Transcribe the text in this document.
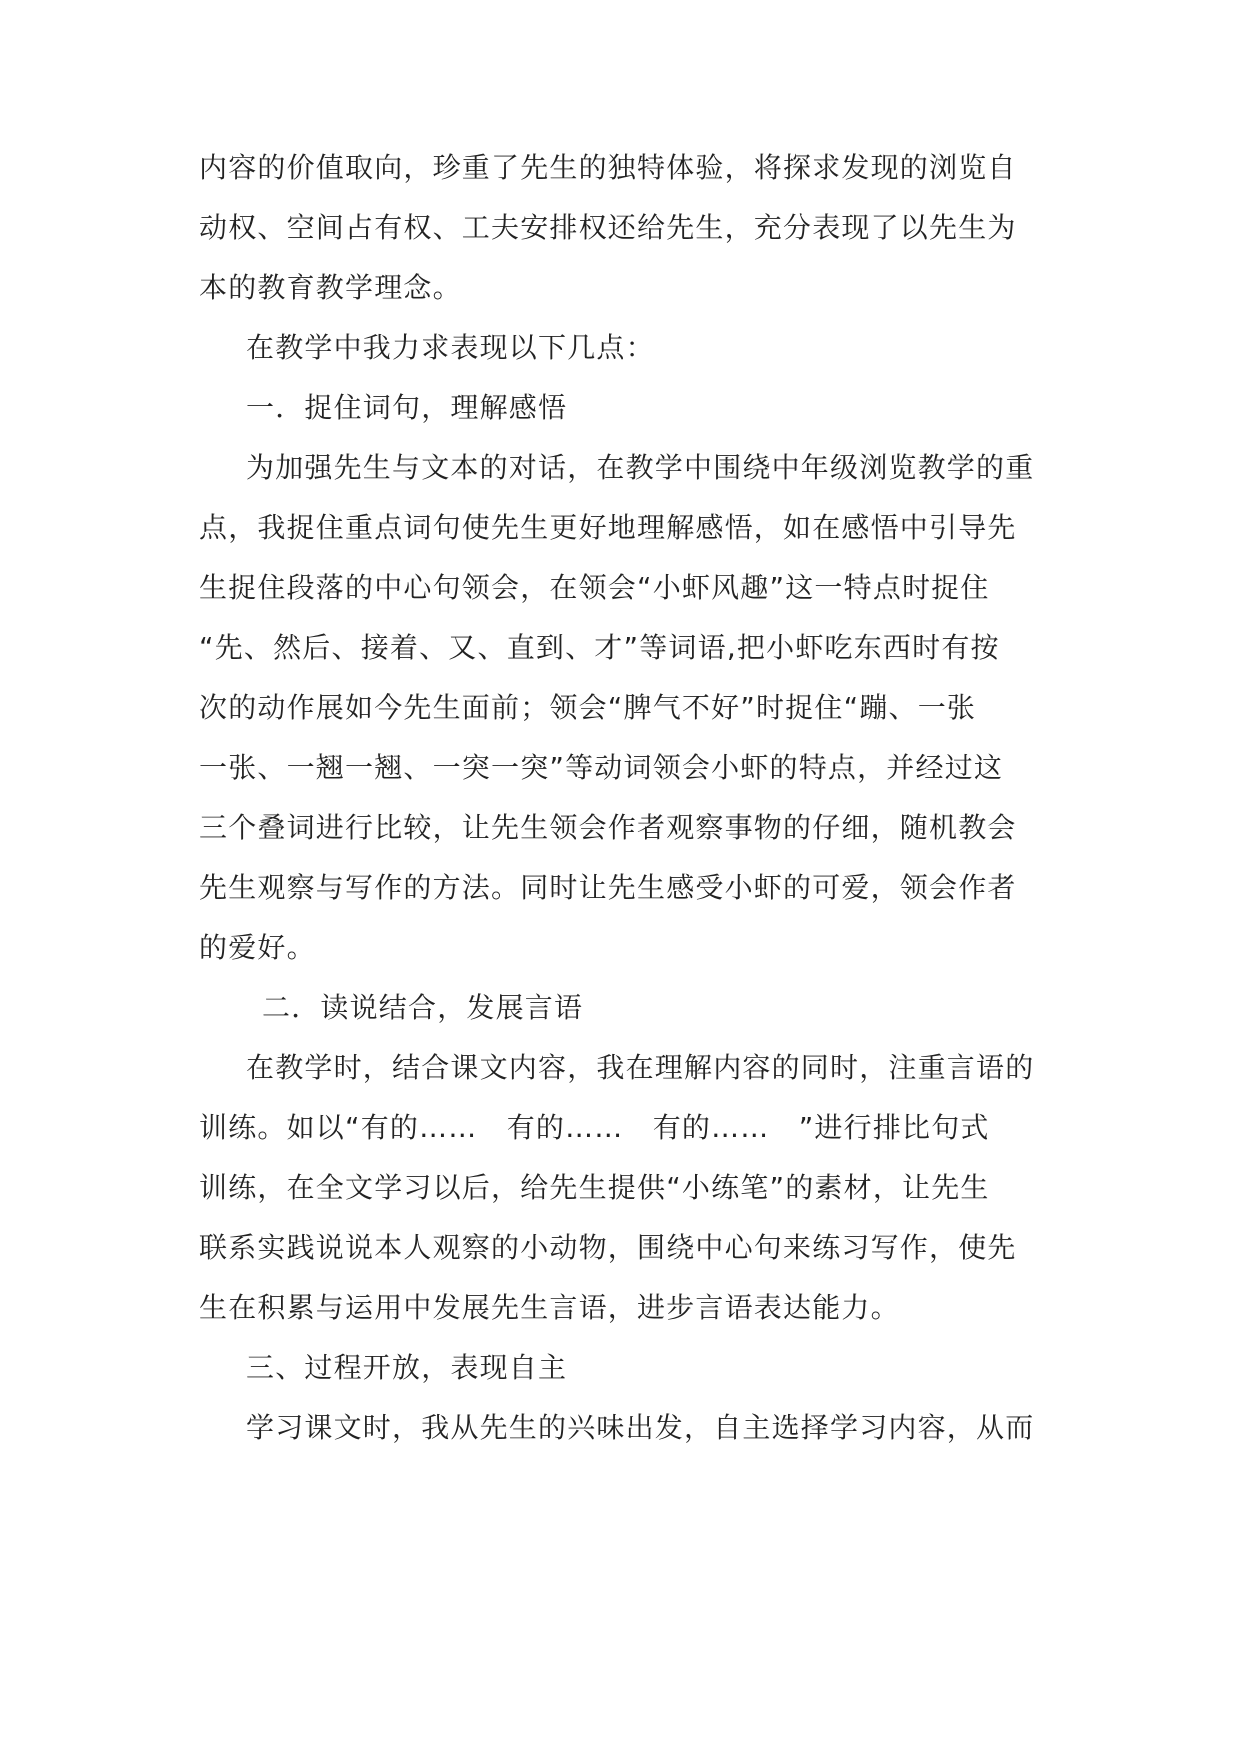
内容的价值取向，珍重了先生的独特体验，将探求发现的浏览自
动权、空间占有权、工夫安排权还给先生，充分表现了以先生为
本的教育教学理念。
在教学中我力求表现以下几点：
一．捉住词句，理解感悟
为加强先生与文本的对话，在教学中围绕中年级浏览教学的重
点，我捉住重点词句使先生更好地理解感悟，如在感悟中引导先
生捉住段落的中心句领会，在领会“小虾风趣”这一特点时捉住
“先、然后、接着、又、直到、才”等词语,把小虾吃东西时有按
次的动作展如今先生面前；领会“脾气不好”时捉住“蹦、一张
一张、一翘一翘、一突一突”等动词领会小虾的特点，并经过这
三个叠词进行比较，让先生领会作者观察事物的仔细，随机教会
先生观察与写作的方法。同时让先生感受小虾的可爱，领会作者
的爱好。
二．读说结合，发展言语
在教学时，结合课文内容，我在理解内容的同时，注重言语的
训练。如以“有的……　有的……　有的……　”进行排比句式
训练，在全文学习以后，给先生提供“小练笔”的素材，让先生
联系实践说说本人观察的小动物，围绕中心句来练习写作，使先
生在积累与运用中发展先生言语，进步言语表达能力。
三、过程开放，表现自主
学习课文时，我从先生的兴味出发，自主选择学习内容，从而
